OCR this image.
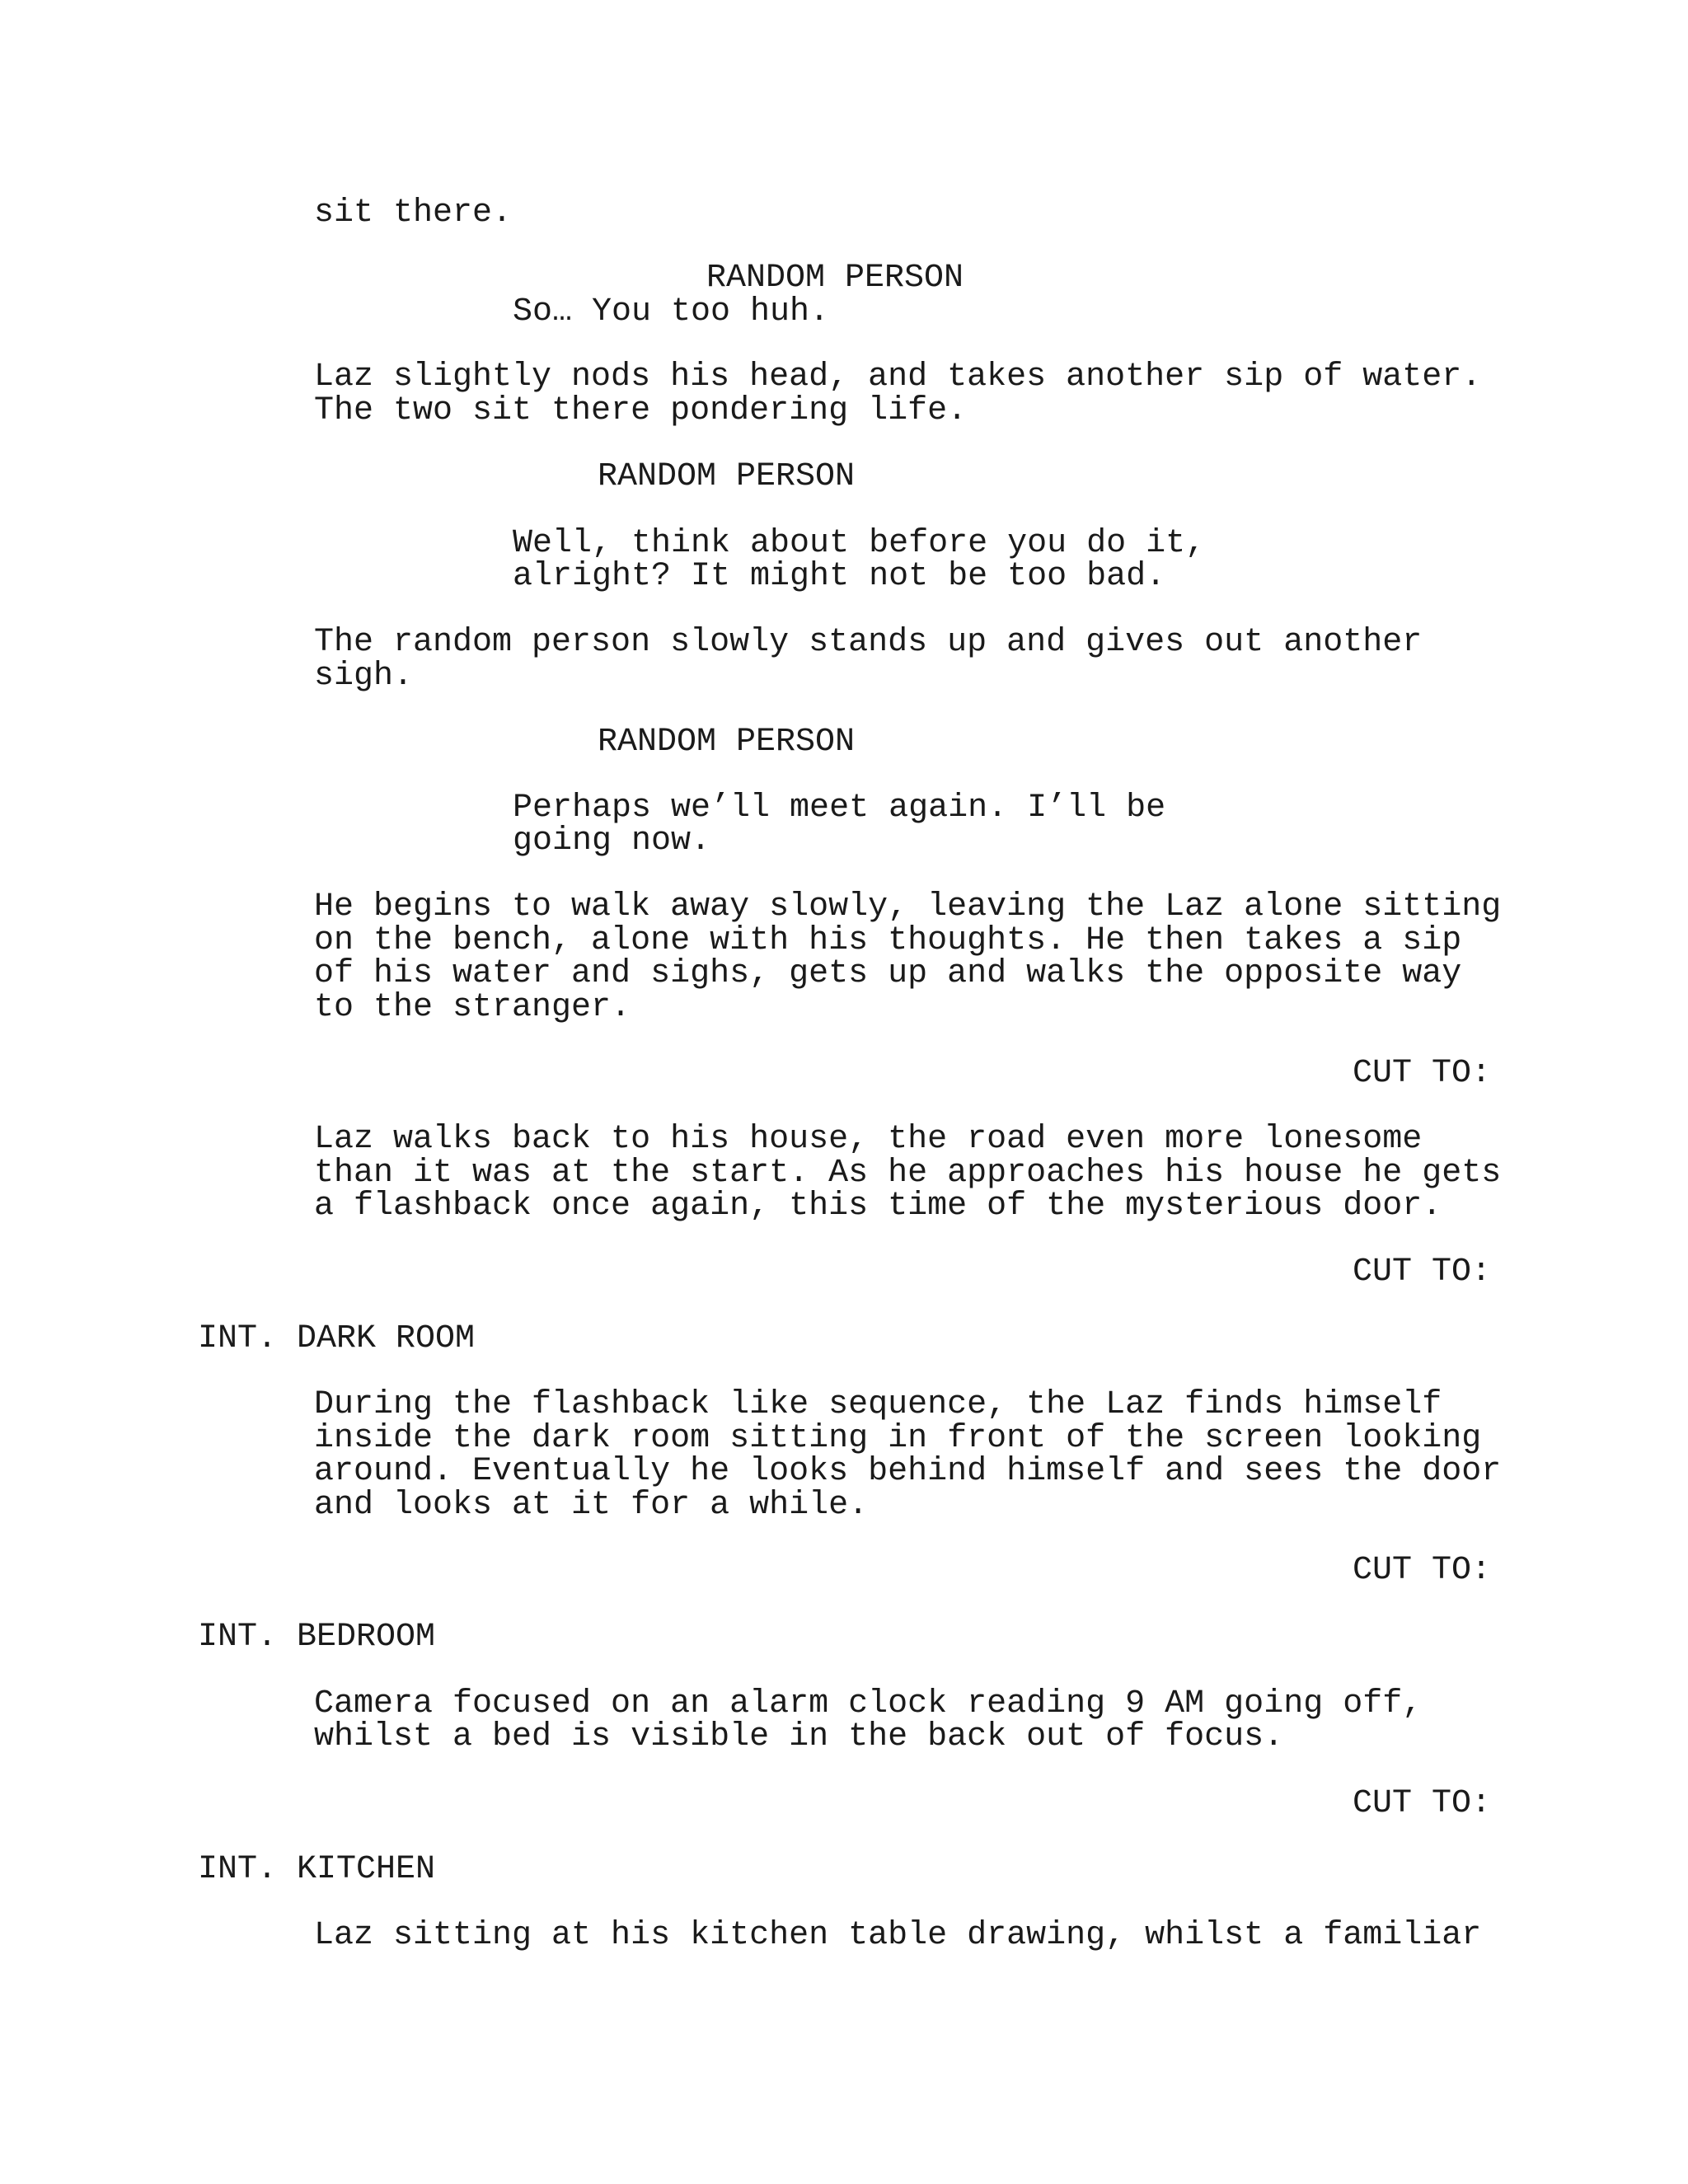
sit there.
RANDOM PERSON
So… You too huh.
Laz slightly nods his head, and takes another sip of water.
The two sit there pondering life.
RANDOM PERSON
Well, think about before you do it,
alright? It might not be too bad.
The random person slowly stands up and gives out another
sigh.
RANDOM PERSON
Perhaps we’ll meet again. I’ll be
going now.
He begins to walk away slowly, leaving the Laz alone sitting
on the bench, alone with his thoughts. He then takes a sip
of his water and sighs, gets up and walks the opposite way
to the stranger.
CUT TO:
Laz walks back to his house, the road even more lonesome
than it was at the start. As he approaches his house he gets
a flashback once again, this time of the mysterious door.
CUT TO:
INT. DARK ROOM
During the flashback like sequence, the Laz finds himself
inside the dark room sitting in front of the screen looking
around. Eventually he looks behind himself and sees the door
and looks at it for a while.
CUT TO:
INT. BEDROOM
Camera focused on an alarm clock reading 9 AM going off,
whilst a bed is visible in the back out of focus.
CUT TO:
INT. KITCHEN
Laz sitting at his kitchen table drawing, whilst a familiar
